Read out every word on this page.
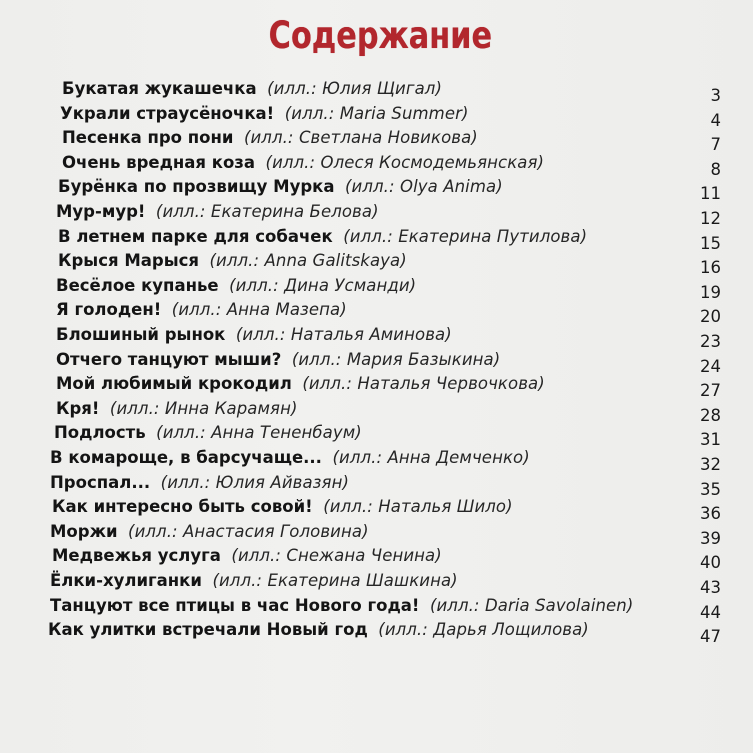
Содержание
Букатая жукашечка (илл.: Юлия Щигал)	3
Украли страусёночка! (илл.: Maria Summer)	4
Песенка про пони (илл.: Светлана Новикова)	7
Очень вредная коза (илл.: Олеся Космодемьянская)	8
Бурёнка по прозвищу Мурка (илл.: Olya Anima)	11
Мур-мур! (илл.: Екатерина Белова)	12
В летнем парке для собачек (илл.: Екатерина Путилова)	15
Крыся Марыся (илл.: Anna Galitskaya)	16
Весёлое купанье (илл.: Дина Усманди)	19
Я голоден! (илл.: Анна Мазепа)	20
Блошиный рынок (илл.: Наталья Аминова)	23
Отчего танцуют мыши? (илл.: Мария Базыкина)	24
Мой любимый крокодил (илл.: Наталья Червочкова)	27
Кря! (илл.: Инна Карамян)	28
Подлость (илл.: Анна Тененбаум)	31
В комароще, в барсучаще... (илл.: Анна Демченко)	32
Проспал... (илл.: Юлия Айвазян)	35
Как интересно быть совой! (илл.: Наталья Шило)	36
Моржи (илл.: Анастасия Головина)	39
Медвежья услуга (илл.: Снежана Ченина)	40
Ёлки-хулиганки (илл.: Екатерина Шашкина)	43
Танцуют все птицы в час Нового года! (илл.: Daria Savolainen)	44
Как улитки встречали Новый год (илл.: Дарья Лощилова)	47
